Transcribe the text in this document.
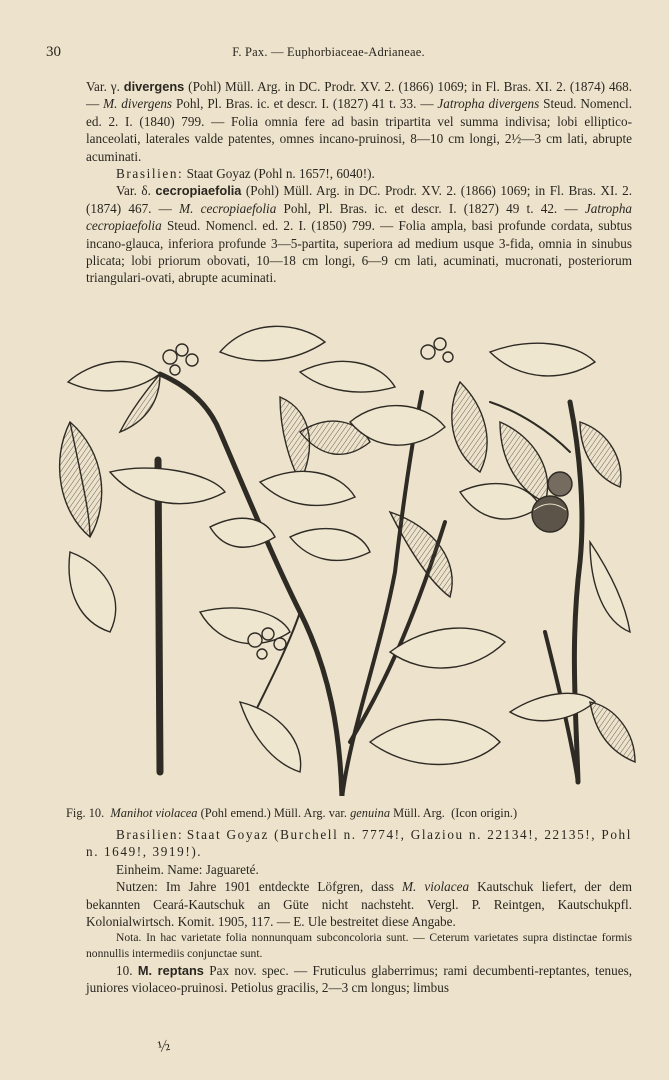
30	F. Pax. — Euphorbiaceae-Adrianeae.

Var. γ. divergens (Pohl) Müll. Arg. in DC. Prodr. XV. 2. (1866) 1069; in Fl. Bras. XI. 2. (1874) 468. — M. divergens Pohl, Pl. Bras. ic. et descr. I. (1827) 41 t. 33. — Jatropha divergens Steud. Nomencl. ed. 2. I. (1840) 799. — Folia omnia fere ad basin tripartita vel summa indivisa; lobi elliptico-lanceolati, laterales valde patentes, omnes incano-pruinosi, 8—10 cm longi, 2½—3 cm lati, abrupte acuminati.

Brasilien: Staat Goyaz (Pohl n. 1657!, 6040!).

Var. δ. cecropiaefolia (Pohl) Müll. Arg. in DC. Prodr. XV. 2. (1866) 1069; in Fl. Bras. XI. 2. (1874) 467. — M. cecropiaefolia Pohl, Pl. Bras. ic. et descr. I. (1827) 49 t. 42. — Jatropha cecropiaefolia Steud. Nomencl. ed. 2. I. (1850) 799. — Folia ampla, basi profunde cordata, subtus incano-glauca, inferiora profunde 3—5-partita, superiora ad medium usque 3-fida, omnia in sinubus plicata; lobi priorum obovati, 10—18 cm longi, 6—9 cm lati, acuminati, mucronati, posteriorum triangulari-ovati, abrupte acuminati.

½
Fig. 10. Manihot violacea (Pohl emend.) Müll. Arg. var. genuina Müll. Arg. (Icon origin.)

Brasilien: Staat Goyaz (Burchell n. 7774!, Glaziou n. 22134!, 22135!, Pohl n. 1649!, 3919!).

Einheim. Name: Jaguareté.

Nutzen: Im Jahre 1901 entdeckte Löfgren, dass M. violacea Kautschuk liefert, der dem bekannten Ceará-Kautschuk an Güte nicht nachsteht. Vergl. P. Reintgen, Kautschukpfl. Kolonialwirtsch. Komit. 1905, 117. — E. Ule bestreitet diese Angabe.

Nota. In hac varietate folia nonnunquam subconcoloria sunt. — Ceterum varietates supra distinctae formis nonnullis intermediis conjunctae sunt.

10. M. reptans Pax nov. spec. — Fruticulus glaberrimus; rami decumbenti-reptantes, tenues, juniores violaceo-pruinosi. Petiolus gracilis, 2—3 cm longus; limbus
